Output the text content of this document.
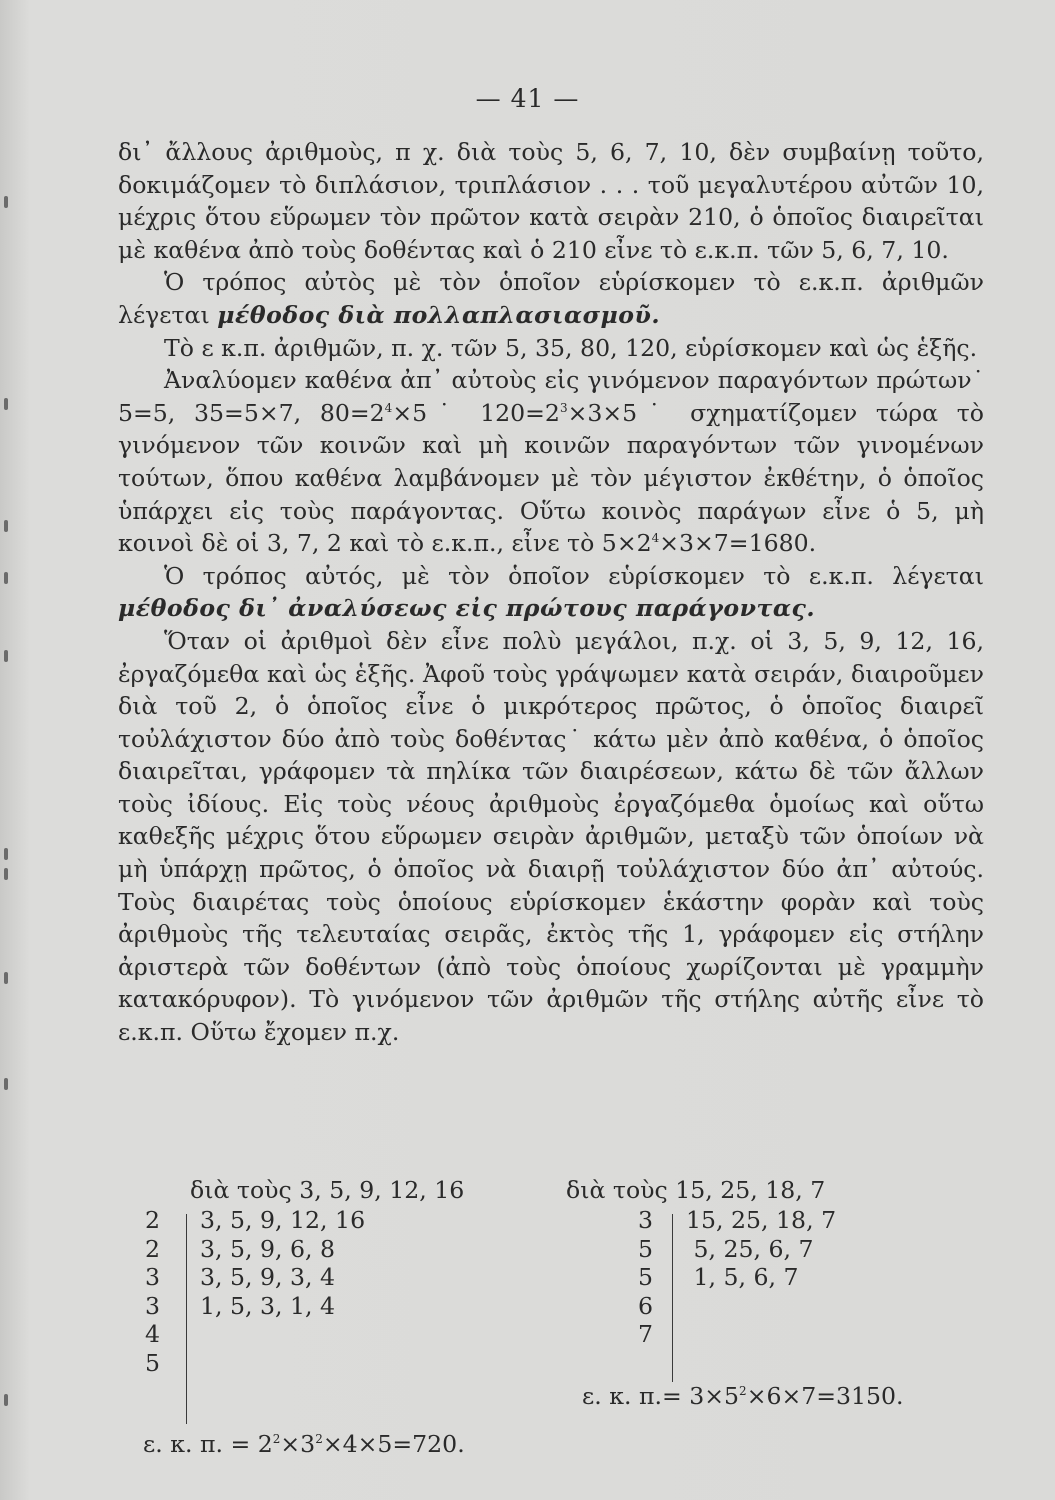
— 41 —

δι᾽ ἄλλους ἀριθμοὺς, π χ. διὰ τοὺς 5, 6, 7, 10, δὲν συμβαίνῃ τοῦτο, δοκιμάζομεν τὸ διπλάσιον, τριπλάσιον . . . τοῦ μεγαλυτέρου αὐτῶν 10, μέχρις ὅτου εὕρωμεν τὸν πρῶτον κατὰ σειρὰν 210, ὁ ὁποῖος διαιρεῖται μὲ καθένα ἀπὸ τοὺς δοθέντας καὶ ὁ 210 εἶνε τὸ ε.κ.π. τῶν 5, 6, 7, 10.

Ὁ τρόπος αὐτὸς μὲ τὸν ὁποῖον εὑρίσκομεν τὸ ε.κ.π. ἀριθμῶν λέγεται μέθοδος διὰ πολλαπλασιασμοῦ.

Τὸ ε κ.π. ἀριθμῶν, π. χ. τῶν 5, 35, 80, 120, εὑρίσκομεν καὶ ὡς ἑξῆς.

Ἀναλύομεν καθένα ἀπ᾽ αὐτοὺς εἰς γινόμενον παραγόντων πρώτων˙ 5=5, 35=5×7, $80=2^4\times 5˙$ $120=2^3\times 3\times 5˙$ σχηματίζομεν τώρα τὸ γινόμενον τῶν κοινῶν καὶ μὴ κοινῶν παραγόντων τῶν γινομένων τούτων, ὅπου καθένα λαμβάνομεν μὲ τὸν μέγιστον ἐκθέτην, ὁ ὁποῖος ὑπάρχει εἰς τοὺς παράγοντας. Οὕτω κοινὸς παράγων εἶνε ὁ 5, μὴ κοινοὶ δὲ οἱ 3, 7, 2 καὶ τὸ ε.κ.π., εἶνε τὸ $5\times 2^4\times 3\times 7=1680$.

Ὁ τρόπος αὐτός, μὲ τὸν ὁποῖον εὑρίσκομεν τὸ ε.κ.π. λέγεται μέθοδος δι᾽ ἀναλύσεως εἰς πρώτους παράγοντας.

Ὅταν οἱ ἀριθμοὶ δὲν εἶνε πολὺ μεγάλοι, π.χ. οἱ 3, 5, 9, 12, 16, ἐργαζόμεθα καὶ ὡς ἑξῆς. Ἀφοῦ τοὺς γράψωμεν κατὰ σειράν, διαιροῦμεν διὰ τοῦ 2, ὁ ὁποῖος εἶνε ὁ μικρότερος πρῶτος, ὁ ὁποῖος διαιρεῖ τοὐλάχιστον δύο ἀπὸ τοὺς δοθέντας˙ κάτω μὲν ἀπὸ καθένα, ὁ ὁποῖος διαιρεῖται, γράφομεν τὰ πηλίκα τῶν διαιρέσεων, κάτω δὲ τῶν ἄλλων τοὺς ἰδίους. Εἰς τοὺς νέους ἀριθμοὺς ἐργαζόμεθα ὁμοίως καὶ οὕτω καθεξῆς μέχρις ὅτου εὕρωμεν σειρὰν ἀριθμῶν, μεταξὺ τῶν ὁποίων νὰ μὴ ὑπάρχῃ πρῶτος, ὁ ὁποῖος νὰ διαιρῇ τοὐλάχιστον δύο ἀπ᾽ αὐτούς. Τοὺς διαιρέτας τοὺς ὁποίους εὑρίσκομεν ἑκάστην φορὰν καὶ τοὺς ἀριθμοὺς τῆς τελευταίας σειρᾶς, ἐκτὸς τῆς 1, γράφομεν εἰς στήλην ἀριστερὰ τῶν δοθέντων (ἀπὸ τοὺς ὁποίους χωρίζονται μὲ γραμμὴν κατακόρυφον). Τὸ γινόμενον τῶν ἀριθμῶν τῆς στήλης αὐτῆς εἶνε τὸ ε.κ.π. Οὕτω ἔχομεν π.χ.

διὰ τοὺς 3, 5, 9, 12, 16
2
2
3
3
4
5
3, 5, 9, 12, 16
3, 5, 9, 6, 8
3, 5, 9, 3, 4
1, 5, 3, 1, 4
ε. κ. π. = $2^2\times 3^2\times 4\times 5=720$.
διὰ τοὺς 15, 25, 18, 7
3
5
5
6
7
15, 25, 18, 7
5, 25, 6, 7
1, 5, 6, 7
ε. κ. $\pi.= 3\times 5^2\times 6\times 7=3150$.
